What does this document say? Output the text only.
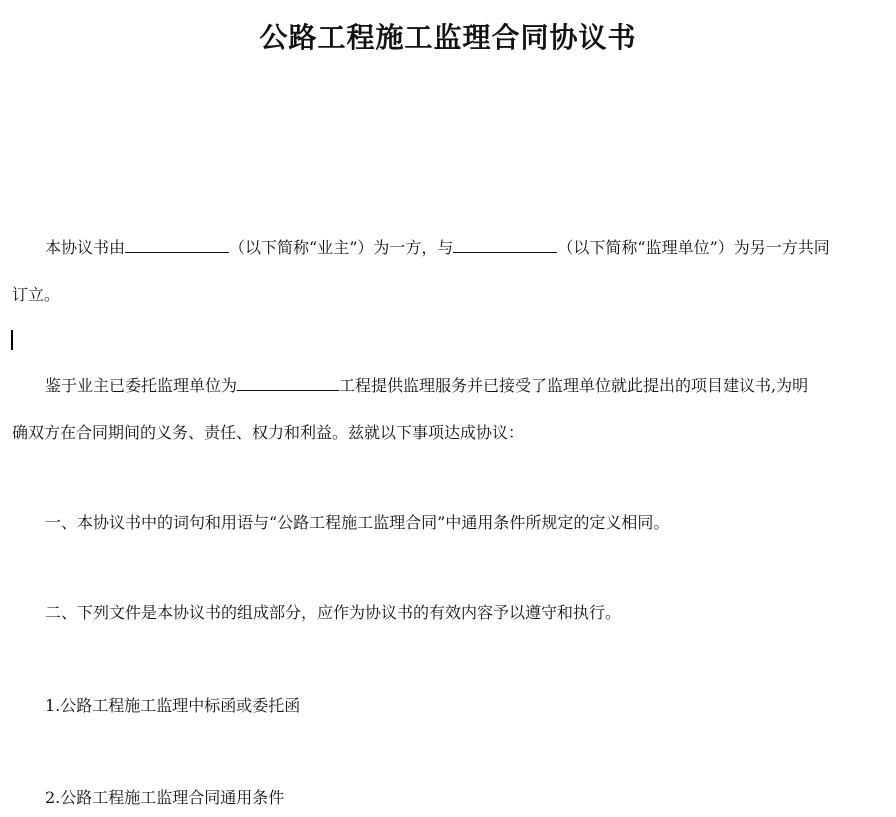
公路工程施工监理合同协议书
本协议书由	（以下简称“业主”）为一方，与	（以下简称“监理单位”）为另一方共同
订立。
鉴于业主已委托监理单位为	工程提供监理服务并已接受了监理单位就此提出的项目建议书,为明
确双方在合同期间的义务、责任、权力和利益。兹就以下事项达成协议：
一、本协议书中的词句和用语与“公路工程施工监理合同”中通用条件所规定的定义相同。
二、下列文件是本协议书的组成部分，应作为协议书的有效内容予以遵守和执行。
1.公路工程施工监理中标函或委托函
2.公路工程施工监理合同通用条件
